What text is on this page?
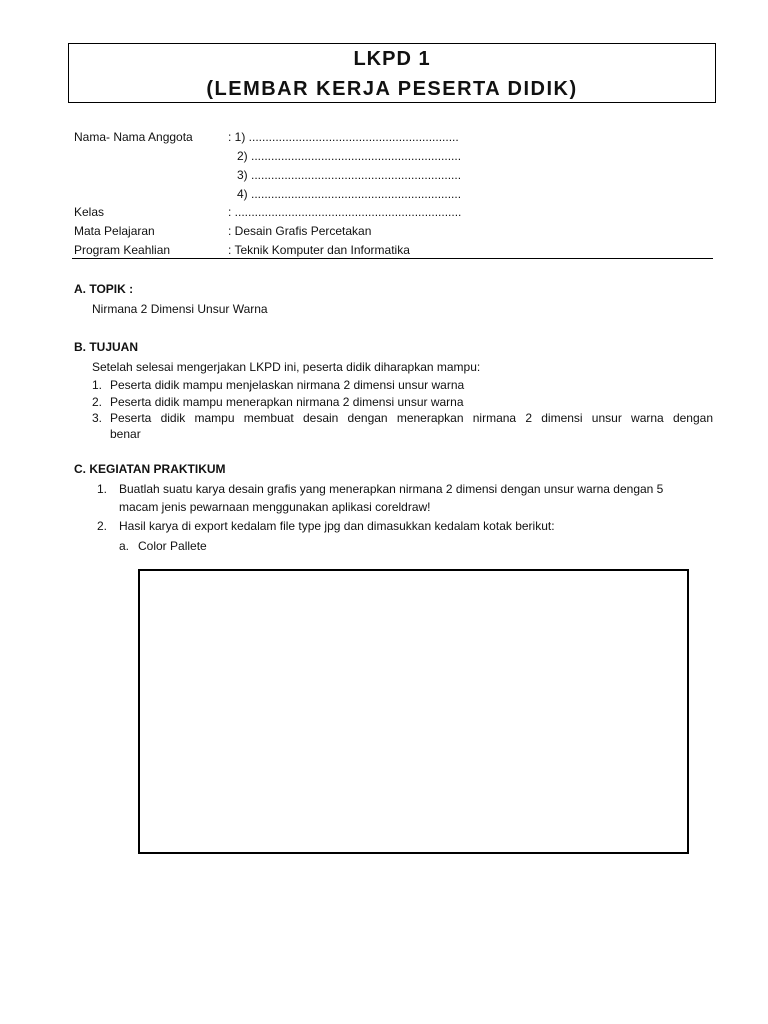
LKPD 1
(LEMBAR KERJA PESERTA DIDIK)
Nama- Nama Anggota	: 1) ...............................................................
2) ...............................................................
3) ...............................................................
4) ...............................................................
Kelas	: ....................................................................
Mata Pelajaran	: Desain Grafis Percetakan
Program Keahlian	: Teknik Komputer dan Informatika
A. TOPIK :
Nirmana 2 Dimensi Unsur Warna
B. TUJUAN
Setelah selesai mengerjakan LKPD ini, peserta didik diharapkan mampu:
1. Peserta didik mampu menjelaskan nirmana 2 dimensi unsur warna
2. Peserta didik mampu menerapkan nirmana 2 dimensi unsur warna
3. Peserta didik mampu membuat desain dengan menerapkan nirmana 2 dimensi unsur warna dengan
benar
C. KEGIATAN PRAKTIKUM
1. Buatlah suatu karya desain grafis yang menerapkan nirmana 2 dimensi dengan unsur warna dengan 5
macam jenis pewarnaan menggunakan aplikasi coreldraw!
2. Hasil karya di export kedalam file type jpg dan dimasukkan kedalam kotak berikut:
a. Color Pallete
